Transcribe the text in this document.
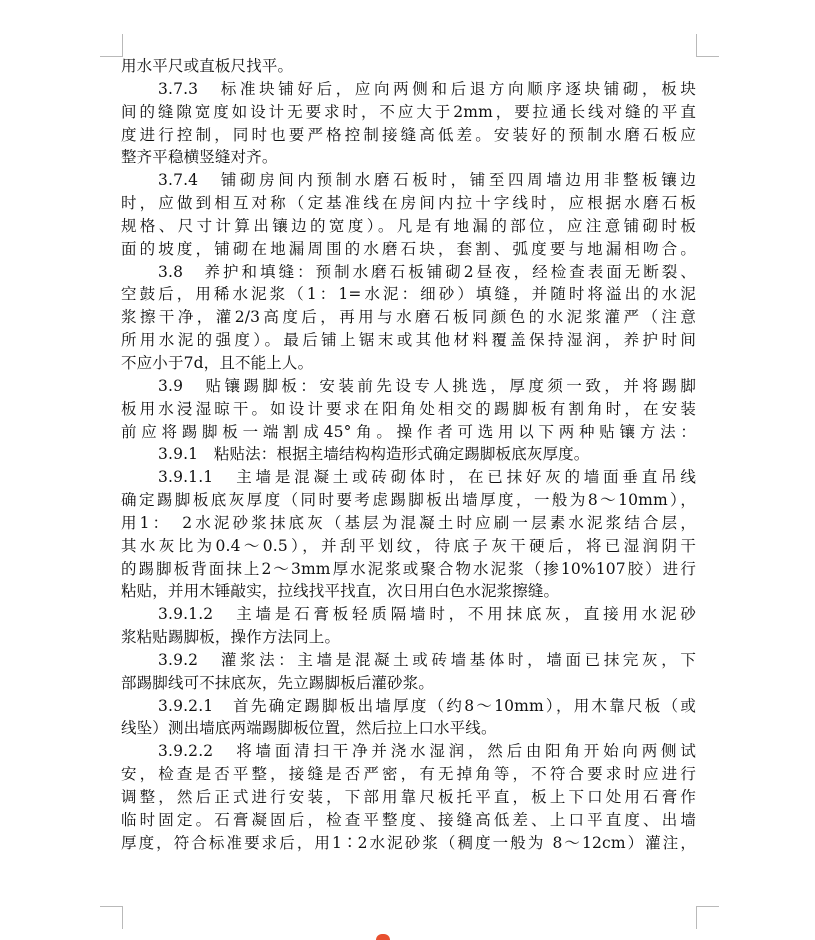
用水平尺或直板尺找平。
3.7.3　标准块铺好后，应向两侧和后退方向顺序逐块铺砌，板块
间的缝隙宽度如设计无要求时，不应大于2mm，要拉通长线对缝的平直
度进行控制，同时也要严格控制接缝高低差。安装好的预制水磨石板应
整齐平稳横竖缝对齐。
3.7.4　铺砌房间内预制水磨石板时，铺至四周墙边用非整板镶边
时，应做到相互对称（定基准线在房间内拉十字线时，应根据水磨石板
规格、尺寸计算出镶边的宽度）。凡是有地漏的部位，应注意铺砌时板
面的坡度，铺砌在地漏周围的水磨石块，套割、弧度要与地漏相吻合。
3.8　养护和填缝：预制水磨石板铺砌2昼夜，经检查表面无断裂、
空鼓后，用稀水泥浆（1：1=水泥：细砂）填缝，并随时将溢出的水泥
浆擦干净，灌2/3高度后，再用与水磨石板同颜色的水泥浆灌严（注意
所用水泥的强度）。最后铺上锯末或其他材料覆盖保持湿润，养护时间
不应小于7d，且不能上人。
3.9　贴镶踢脚板：安装前先设专人挑选，厚度须一致，并将踢脚
板用水浸湿晾干。如设计要求在阳角处相交的踢脚板有割角时，在安装
前应将踢脚板一端割成45°角。操作者可选用以下两种贴镶方法：
3.9.1　粘贴法：根据主墙结构构造形式确定踢脚板底灰厚度。
3.9.1.1　主墙是混凝土或砖砌体时，在已抹好灰的墙面垂直吊线
确定踢脚板底灰厚度（同时要考虑踢脚板出墙厚度，一般为8～10mm），
用1：　2水泥砂浆抹底灰（基层为混凝土时应刷一层素水泥浆结合层，
其水灰比为0.4～0.5），并刮平划纹，待底子灰干硬后，将已湿润阴干
的踢脚板背面抹上2～3mm厚水泥浆或聚合物水泥浆（掺10%107胶）进行
粘贴，并用木锤敲实，拉线找平找直，次日用白色水泥浆擦缝。
3.9.1.2　主墙是石膏板轻质隔墙时，不用抹底灰，直接用水泥砂
浆粘贴踢脚板，操作方法同上。
3.9.2　灌浆法：主墙是混凝土或砖墙基体时，墙面已抹完灰，下
部踢脚线可不抹底灰，先立踢脚板后灌砂浆。
3.9.2.1　首先确定踢脚板出墙厚度（约8～10mm），用木靠尺板（或
线坠）测出墙底两端踢脚板位置，然后拉上口水平线。
3.9.2.2　将墙面清扫干净并浇水湿润，然后由阳角开始向两侧试
安，检查是否平整，接缝是否严密，有无掉角等，不符合要求时应进行
调整，然后正式进行安装，下部用靠尺板托平直，板上下口处用石膏作
临时固定。石膏凝固后，检查平整度、接缝高低差、上口平直度、出墙
厚度，符合标准要求后，用1∶2水泥砂浆（稠度一般为 8～12cm）灌注，
